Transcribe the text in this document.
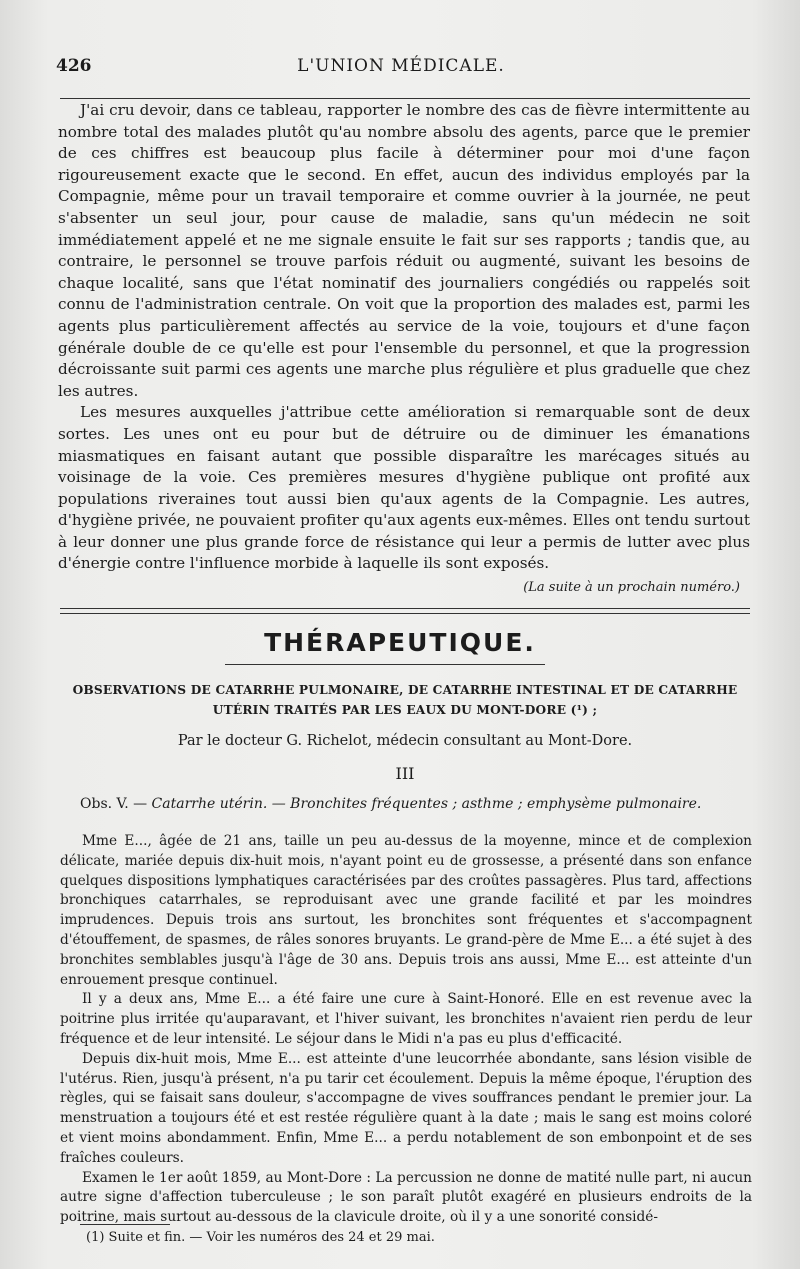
426	L'UNION MÉDICALE.

J'ai cru devoir, dans ce tableau, rapporter le nombre des cas de fièvre intermittente au nombre total des malades plutôt qu'au nombre absolu des agents, parce que le premier de ces chiffres est beaucoup plus facile à déterminer pour moi d'une façon rigoureusement exacte que le second. En effet, aucun des individus employés par la Compagnie, même pour un travail temporaire et comme ouvrier à la journée, ne peut s'absenter un seul jour, pour cause de maladie, sans qu'un médecin ne soit immédiatement appelé et ne me signale ensuite le fait sur ses rapports ; tandis que, au contraire, le personnel se trouve parfois réduit ou augmenté, suivant les besoins de chaque localité, sans que l'état nominatif des journaliers congédiés ou rappelés soit connu de l'administration centrale. On voit que la proportion des malades est, parmi les agents plus particulièrement affectés au service de la voie, toujours et d'une façon générale double de ce qu'elle est pour l'ensemble du personnel, et que la progression décroissante suit parmi ces agents une marche plus régulière et plus graduelle que chez les autres.

Les mesures auxquelles j'attribue cette amélioration si remarquable sont de deux sortes. Les unes ont eu pour but de détruire ou de diminuer les émanations miasmatiques en faisant autant que possible disparaître les marécages situés au voisinage de la voie. Ces premières mesures d'hygiène publique ont profité aux populations riveraines tout aussi bien qu'aux agents de la Compagnie. Les autres, d'hygiène privée, ne pouvaient profiter qu'aux agents eux-mêmes. Elles ont tendu surtout à leur donner une plus grande force de résistance qui leur a permis de lutter avec plus d'énergie contre l'influence morbide à laquelle ils sont exposés.

(La suite à un prochain numéro.)
THÉRAPEUTIQUE.
OBSERVATIONS DE CATARRHE PULMONAIRE, DE CATARRHE INTESTINAL ET DE CATARRHE
UTÉRIN TRAITÉS PAR LES EAUX DU MONT-DORE (¹) ;
Par le docteur G. Richelot, médecin consultant au Mont-Dore.
III
Obs. V. — Catarrhe utérin. — Bronchites fréquentes ; asthme ; emphysème pulmonaire.

Mme E..., âgée de 21 ans, taille un peu au-dessus de la moyenne, mince et de complexion délicate, mariée depuis dix-huit mois, n'ayant point eu de grossesse, a présenté dans son enfance quelques dispositions lymphatiques caractérisées par des croûtes passagères. Plus tard, affections bronchiques catarrhales, se reproduisant avec une grande facilité et par les moindres imprudences. Depuis trois ans surtout, les bronchites sont fréquentes et s'accompagnent d'étouffement, de spasmes, de râles sonores bruyants. Le grand-père de Mme E... a été sujet à des bronchites semblables jusqu'à l'âge de 30 ans. Depuis trois ans aussi, Mme E... est atteinte d'un enrouement presque continuel.

Il y a deux ans, Mme E... a été faire une cure à Saint-Honoré. Elle en est revenue avec la poitrine plus irritée qu'auparavant, et l'hiver suivant, les bronchites n'avaient rien perdu de leur fréquence et de leur intensité. Le séjour dans le Midi n'a pas eu plus d'efficacité.

Depuis dix-huit mois, Mme E... est atteinte d'une leucorrhée abondante, sans lésion visible de l'utérus. Rien, jusqu'à présent, n'a pu tarir cet écoulement. Depuis la même époque, l'éruption des règles, qui se faisait sans douleur, s'accompagne de vives souffrances pendant le premier jour. La menstruation a toujours été et est restée régulière quant à la date ; mais le sang est moins coloré et vient moins abondamment. Enfin, Mme E... a perdu notablement de son embonpoint et de ses fraîches couleurs.

Examen le 1er août 1859, au Mont-Dore : La percussion ne donne de matité nulle part, ni aucun autre signe d'affection tuberculeuse ; le son paraît plutôt exagéré en plusieurs endroits de la poitrine, mais surtout au-dessous de la clavicule droite, où il y a une sonorité considé-

(1) Suite et fin. — Voir les numéros des 24 et 29 mai.
